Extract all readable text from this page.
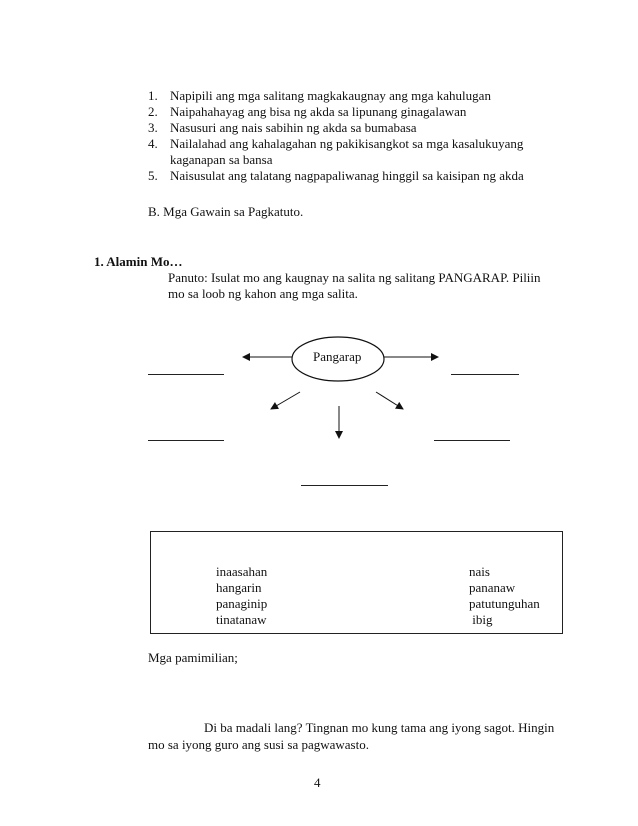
1. Napipili ang mga salitang magkakaugnay ang mga kahulugan
2. Naipahahayag ang bisa ng akda sa lipunang ginagalawan
3. Nasusuri ang nais sabihin ng akda sa bumabasa
4. Nailalahad ang kahalagahan ng pakikisangkot sa mga kasalukuyang kaganapan sa bansa
5. Naisusulat ang talatang nagpapaliwanag hinggil sa kaisipan ng akda
B. Mga Gawain sa Pagkatuto.
1. Alamin Mo…
Panuto: Isulat mo ang kaugnay na salita ng salitang PANGARAP. Piliin
mo sa loob ng kahon ang mga salita.
Pangarap
inaasahan
hangarin
panaginip
tinatanaw
nais
pananaw
patutunguhan
ibig
Mga pamimilian;
Di ba madali lang? Tingnan mo kung tama ang iyong sagot. Hingin
mo sa iyong guro ang susi sa pagwawasto.
4
